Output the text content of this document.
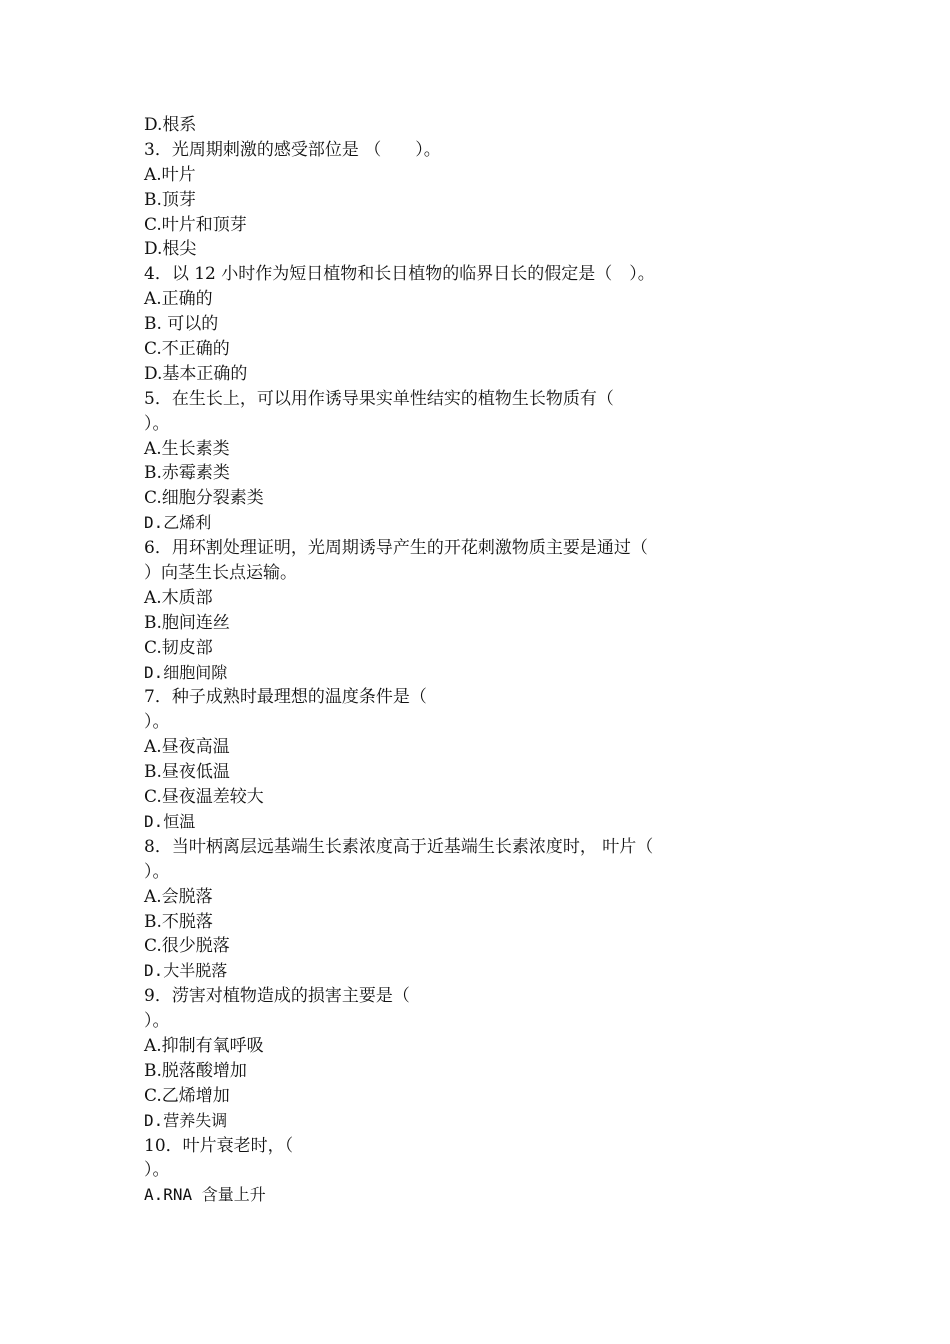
D.根系
3．光周期刺激的感受部位是 （　　）。
A.叶片
B.顶芽
C.叶片和顶芽
D.根尖
4．以 12 小时作为短日植物和长日植物的临界日长的假定是（　）。
A.正确的
B. 可以的
C.不正确的
D.基本正确的
5．在生长上，可以用作诱导果实单性结实的植物生长物质有（
）。
A.生长素类
B.赤霉素类
C.细胞分裂素类
D.乙烯利
6．用环割处理证明，光周期诱导产生的开花刺激物质主要是通过（
）向茎生长点运输。
A.木质部
B.胞间连丝
C.韧皮部
D.细胞间隙
7．种子成熟时最理想的温度条件是（
）。
A.昼夜高温
B.昼夜低温
C.昼夜温差较大
D.恒温
8．当叶柄离层远基端生长素浓度高于近基端生长素浓度时， 叶片（
）。
A.会脱落
B.不脱落
C.很少脱落
D.大半脱落
9．涝害对植物造成的损害主要是（
）。
A.抑制有氧呼吸
B.脱落酸增加
C.乙烯增加
D.营养失调
10．叶片衰老时，（
）。
A.RNA 含量上升
